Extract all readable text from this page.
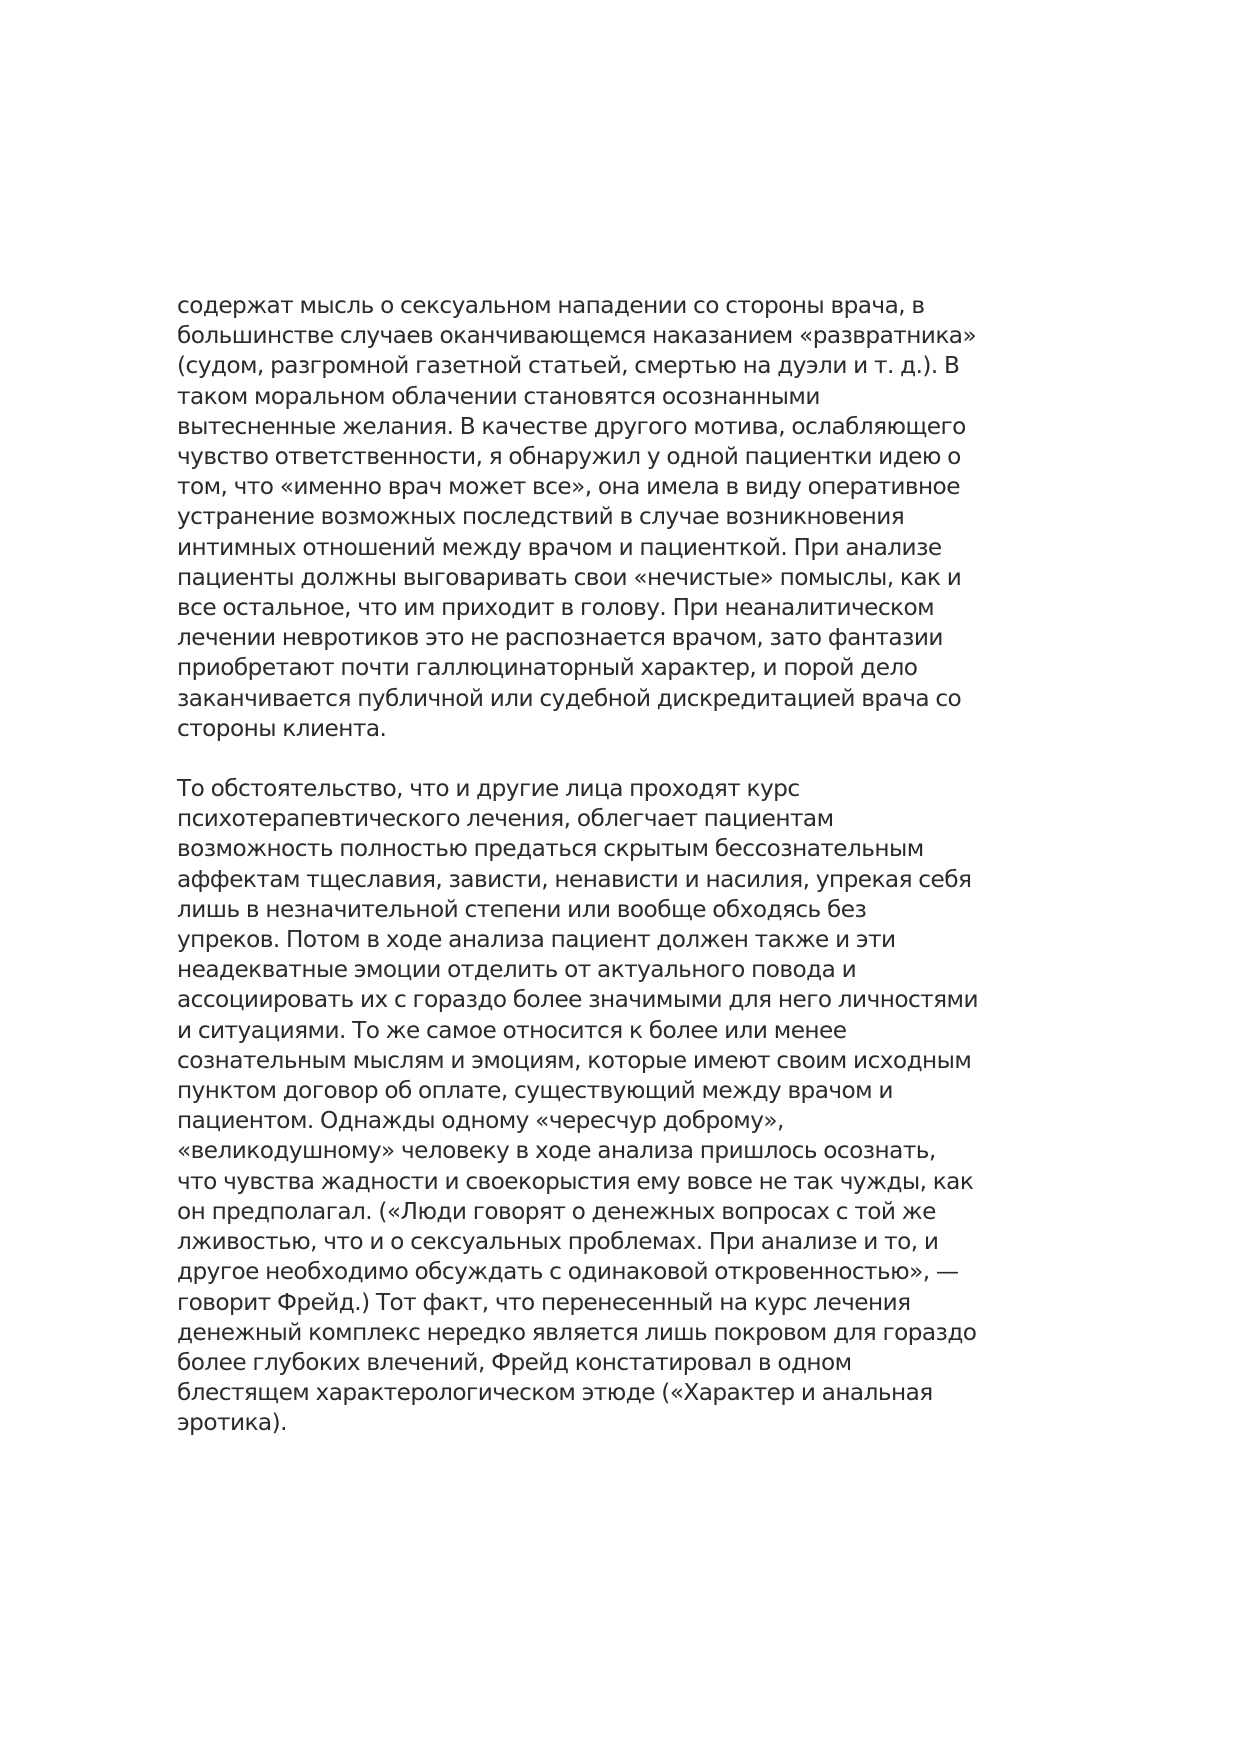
содержат мысль о сексуальном нападении со стороны врача, в
большинстве случаев оканчивающемся наказанием «развратника»
(судом, разгромной газетной статьей, смертью на дуэли и т. д.). В
таком моральном облачении становятся осознанными
вытесненные желания. В качестве другого мотива, ослабляющего
чувство ответственности, я обнаружил у одной пациентки идею о
том, что «именно врач может все», она имела в виду оперативное
устранение возможных последствий в случае возникновения
интимных отношений между врачом и пациенткой. При анализе
пациенты должны выговаривать свои «нечистые» помыслы, как и
все остальное, что им приходит в голову. При неаналитическом
лечении невротиков это не распознается врачом, зато фантазии
приобретают почти галлюцинаторный характер, и порой дело
заканчивается публичной или судебной дискредитацией врача со
стороны клиента.

То обстоятельство, что и другие лица проходят курс
психотерапевтического лечения, облегчает пациентам
возможность полностью предаться скрытым бессознательным
аффектам тщеславия, зависти, ненависти и насилия, упрекая себя
лишь в незначительной степени или вообще обходясь без
упреков. Потом в ходе анализа пациент должен также и эти
неадекватные эмоции отделить от актуального повода и
ассоциировать их с гораздо более значимыми для него личностями
и ситуациями. То же самое относится к более или менее
сознательным мыслям и эмоциям, которые имеют своим исходным
пунктом договор об оплате, существующий между врачом и
пациентом. Однажды одному «чересчур доброму»,
«великодушному» человеку в ходе анализа пришлось осознать,
что чувства жадности и своекорыстия ему вовсе не так чужды, как
он предполагал. («Люди говорят о денежных вопросах с той же
лживостью, что и о сексуальных проблемах. При анализе и то, и
другое необходимо обсуждать с одинаковой откровенностью», —
говорит Фрейд.) Тот факт, что перенесенный на курс лечения
денежный комплекс нередко является лишь покровом для гораздо
более глубоких влечений, Фрейд констатировал в одном
блестящем характерологическом этюде («Характер и анальная
эротика).
